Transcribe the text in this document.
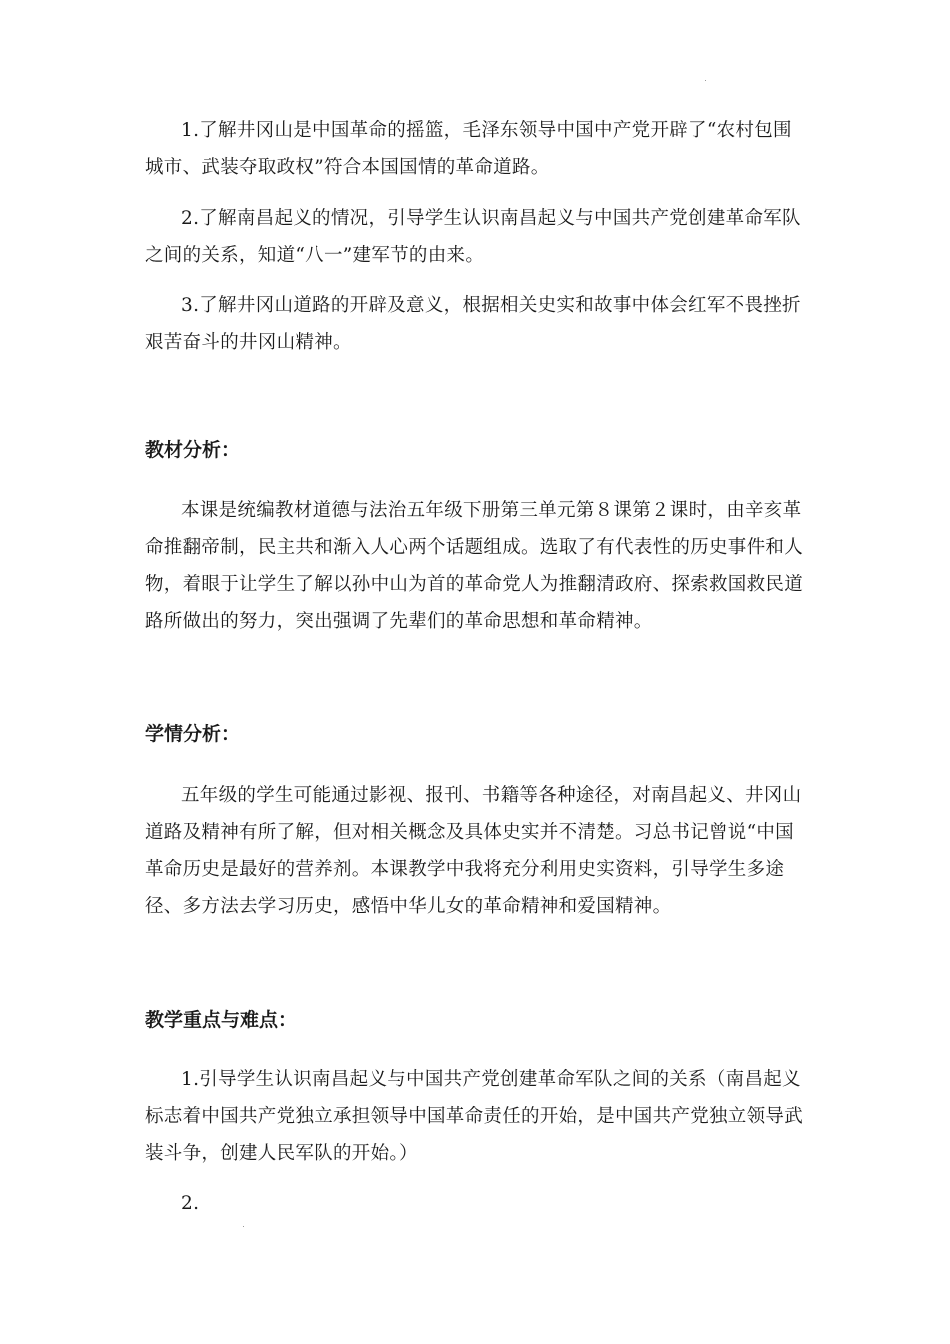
1.了解井冈山是中国革命的摇篮，毛泽东领导中国中产党开辟了“农村包围城市、武装夺取政权”符合本国国情的革命道路。

2.了解南昌起义的情况，引导学生认识南昌起义与中国共产党创建革命军队之间的关系，知道“八一”建军节的由来。

3.了解井冈山道路的开辟及意义，根据相关史实和故事中体会红军不畏挫折艰苦奋斗的井冈山精神。

教材分析：

本课是统编教材道德与法治五年级下册第三单元第８课第２课时，由辛亥革命推翻帝制，民主共和渐入人心两个话题组成。选取了有代表性的历史事件和人物，着眼于让学生了解以孙中山为首的革命党人为推翻清政府、探索救国救民道路所做出的努力，突出强调了先辈们的革命思想和革命精神。

学情分析：

五年级的学生可能通过影视、报刊、书籍等各种途径，对南昌起义、井冈山道路及精神有所了解，但对相关概念及具体史实并不清楚。习总书记曾说“中国革命历史是最好的营养剂。本课教学中我将充分利用史实资料，引导学生多途径、多方法去学习历史，感悟中华儿女的革命精神和爱国精神。

教学重点与难点：

1.引导学生认识南昌起义与中国共产党创建革命军队之间的关系（南昌起义标志着中国共产党独立承担领导中国革命责任的开始，是中国共产党独立领导武装斗争，创建人民军队的开始。）

2.
